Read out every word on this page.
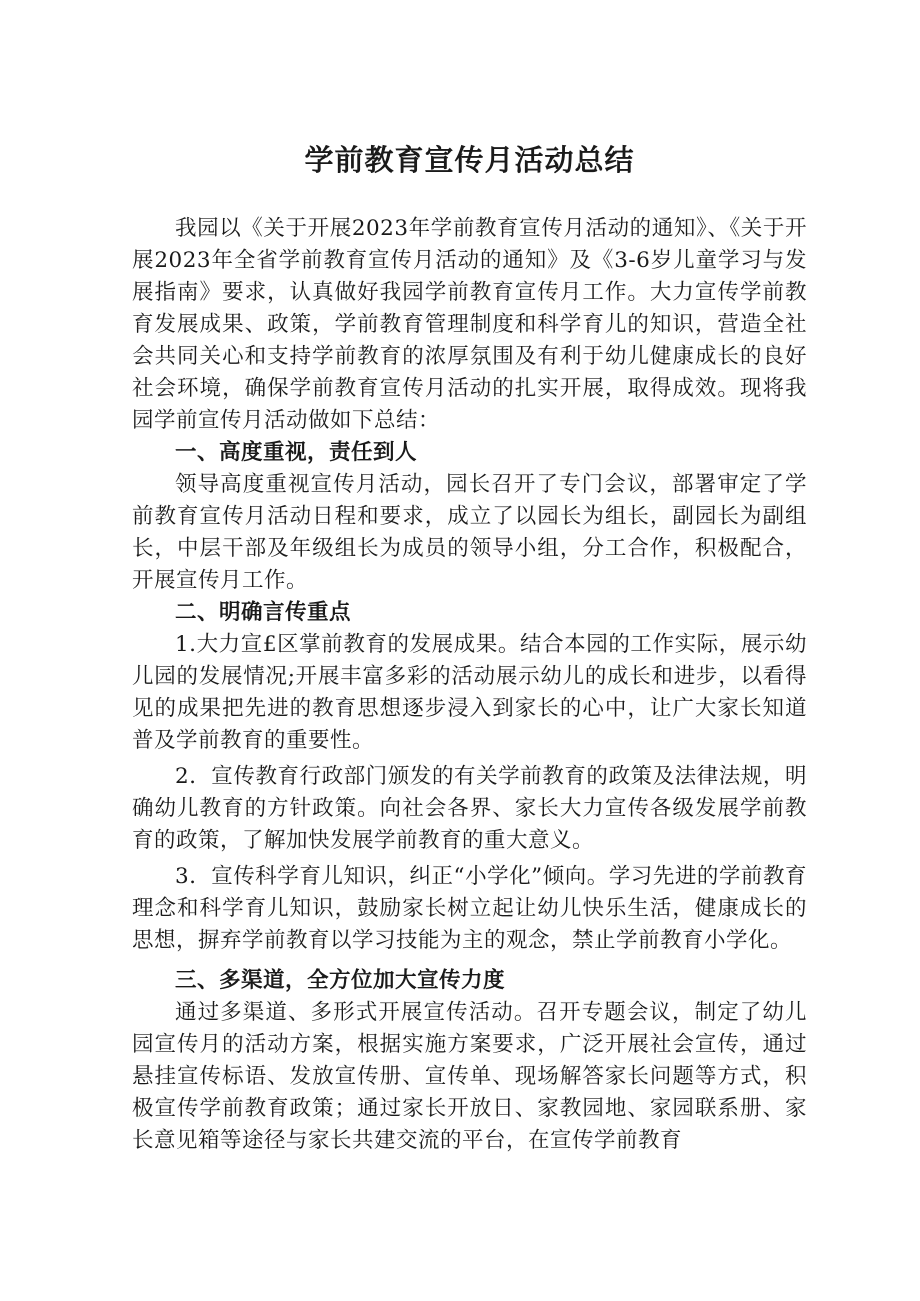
学前教育宣传月活动总结

我园以《关于开展2023年学前教育宣传月活动的通知》、《关于开展2023年全省学前教育宣传月活动的通知》及《3-6岁儿童学习与发展指南》要求，认真做好我园学前教育宣传月工作。大力宣传学前教育发展成果、政策，学前教育管理制度和科学育儿的知识，营造全社会共同关心和支持学前教育的浓厚氛围及有利于幼儿健康成长的良好社会环境，确保学前教育宣传月活动的扎实开展，取得成效。现将我园学前宣传月活动做如下总结：

一、高度重视，责任到人

领导高度重视宣传月活动，园长召开了专门会议，部署审定了学前教育宣传月活动日程和要求，成立了以园长为组长，副园长为副组长，中层干部及年级组长为成员的领导小组，分工合作，积极配合，开展宣传月工作。

二、明确言传重点

1.大力宣£区掌前教育的发展成果。结合本园的工作实际，展示幼儿园的发展情况;开展丰富多彩的活动展示幼儿的成长和进步，以看得见的成果把先进的教育思想逐步浸入到家长的心中，让广大家长知道普及学前教育的重要性。

2．宣传教育行政部门颁发的有关学前教育的政策及法律法规，明确幼儿教育的方针政策。向社会各界、家长大力宣传各级发展学前教育的政策，了解加快发展学前教育的重大意义。

3．宣传科学育儿知识，纠正“小学化”倾向。学习先进的学前教育理念和科学育儿知识，鼓励家长树立起让幼儿快乐生活，健康成长的思想，摒弃学前教育以学习技能为主的观念，禁止学前教育小学化。

三、多渠道，全方位加大宣传力度

通过多渠道、多形式开展宣传活动。召开专题会议，制定了幼儿园宣传月的活动方案，根据实施方案要求，广泛开展社会宣传，通过悬挂宣传标语、发放宣传册、宣传单、现场解答家长问题等方式，积极宣传学前教育政策；通过家长开放日、家教园地、家园联系册、家长意见箱等途径与家长共建交流的平台，在宣传学前教育
